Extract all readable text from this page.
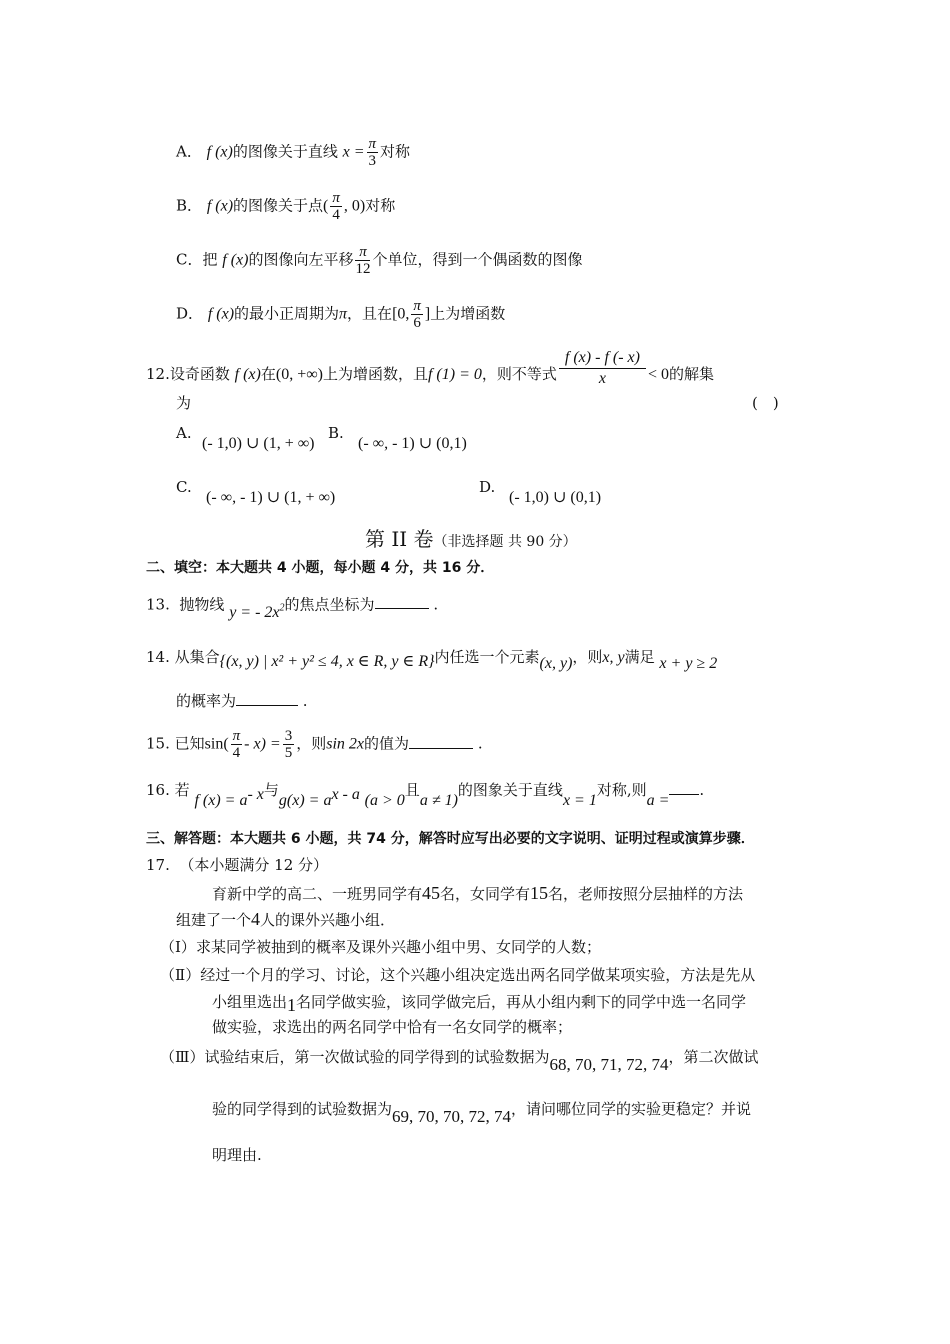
A． f (x)的图像关于直线 $x = \frac{\pi}{3}$ 对称
B． f (x)的图像关于点( $\frac{\pi}{4}$ , 0)对称
C．把 f (x)的图像向左平移 $\frac{\pi}{12}$ 个单位，得到一个偶函数的图像
D． f (x)的最小正周期为π，且在[0, $\frac{\pi}{6}$ ]上为增函数
12.设奇函数 f (x)在(0, +∞)上为增函数，且f (1) = 0，则不等式 $\frac{f (x) - f (- x)}{x} < 0$的解集
为	(　)
A.
(- 1,0) ∪ (1, + ∞)
B.
(- ∞, - 1) ∪ (0,1)
C.
(- ∞, - 1) ∪ (1, + ∞)
D.
(- 1,0) ∪ (0,1)
第 II 卷（非选择题 共 90 分）
二、填空：本大题共 4 小题，每小题 4 分，共 16 分．
13. 抛物线 y = - $2x^2$的焦点坐标为	.
14. 从集合{(x, y) | x² + y² ≤ 4, x ∈ R, y ∈ R}内任选一个元素(x, y)，则x, y满足 x + y ≥ 2
的概率为	.
15. 已知$\sin( \frac{\pi}{4} - x) = \frac{3}{5}$ ，则sin 2x的值为	.
16. 若 f $(x) = a^{- x}$与$g(x) = a^{x - a}$ (a > 0且a ≠ 1)的图象关于直线x = 1对称,则a =.
三、解答题：本大题共 6 小题，共 74 分，解答时应写出必要的文字说明、证明过程或演算步骤．
17. （本小题满分 12 分）
育新中学的高二、一班男同学有45名，女同学有15名，老师按照分层抽样的方法
组建了一个4人的课外兴趣小组．
（Ⅰ）求某同学被抽到的概率及课外兴趣小组中男、女同学的人数；
（Ⅱ）经过一个月的学习、讨论，这个兴趣小组决定选出两名同学做某项实验，方法是先从
小组里选出1名同学做实验，该同学做完后，再从小组内剩下的同学中选一名同学
做实验，求选出的两名同学中恰有一名女同学的概率；
（Ⅲ）试验结束后，第一次做试验的同学得到的试验数据为68, 70, 71, 72, 74，第二次做试
验的同学得到的试验数据为69, 70, 70, 72, 74，请问哪位同学的实验更稳定？并说
明理由.
